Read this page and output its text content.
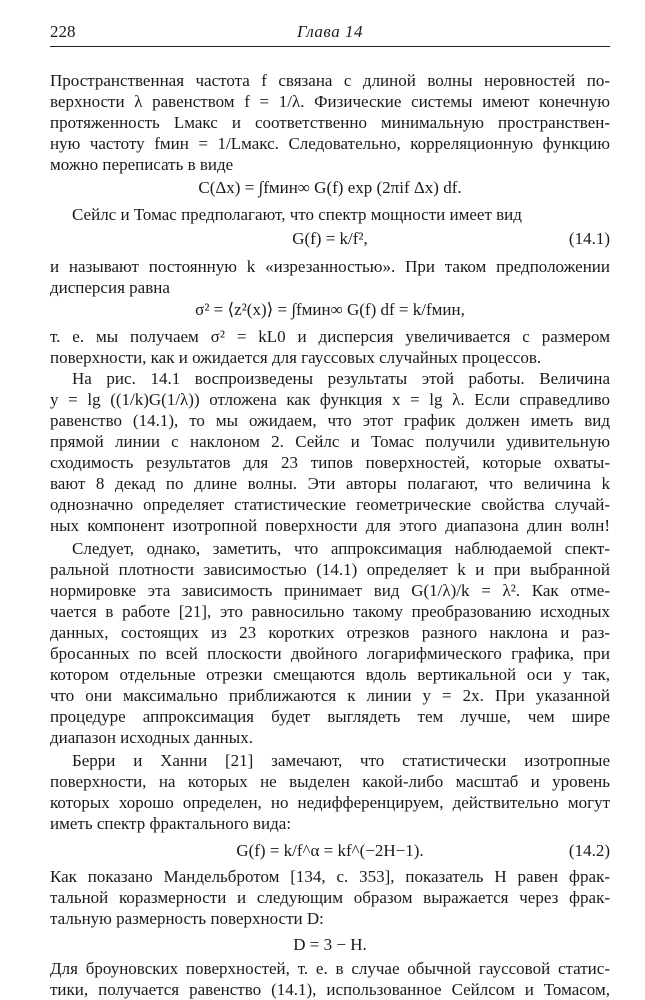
228	Глава 14
Пространственная частота f связана с длиной волны неровностей по-
верхности λ равенством f = 1/λ. Физические системы имеют конечную
протяженность Lмакс и соответственно минимальную пространствен-
ную частоту fмин = 1/Lмакс. Следовательно, корреляционную функцию
можно переписать в виде
C(Δx) = ∫fмин∞ G(f) exp (2πif Δx) df.
Сейлс и Томас предполагают, что спектр мощности имеет вид
G(f) = k/f²,	(14.1)
и называют постоянную k «изрезанностью». При таком предположении
дисперсия равна
σ² = ⟨z²(x)⟩ = ∫fмин∞ G(f) df = k/fмин,
т. е. мы получаем σ² = kL0 и дисперсия увеличивается с размером
поверхности, как и ожидается для гауссовых случайных процессов.
На рис. 14.1 воспроизведены результаты этой работы. Величина
y = lg ((1/k)G(1/λ)) отложена как функция x = lg λ. Если справедливо
равенство (14.1), то мы ожидаем, что этот график должен иметь вид
прямой линии с наклоном 2. Сейлс и Томас получили удивительную
сходимость результатов для 23 типов поверхностей, которые охваты-
вают 8 декад по длине волны. Эти авторы полагают, что величина k
однозначно определяет статистические геометрические свойства случай-
ных компонент изотропной поверхности для этого диапазона длин волн!
Следует, однако, заметить, что аппроксимация наблюдаемой спект-
ральной плотности зависимостью (14.1) определяет k и при выбранной
нормировке эта зависимость принимает вид G(1/λ)/k = λ². Как отме-
чается в работе [21], это равносильно такому преобразованию исходных
данных, состоящих из 23 коротких отрезков разного наклона и раз-
бросанных по всей плоскости двойного логарифмического графика, при
котором отдельные отрезки смещаются вдоль вертикальной оси y так,
что они максимально приближаются к линии y = 2x. При указанной
процедуре аппроксимация будет выглядеть тем лучше, чем шире
диапазон исходных данных.
Берри и Ханни [21] замечают, что статистически изотропные
поверхности, на которых не выделен какой-либо масштаб и уровень
которых хорошо определен, но недифференцируем, действительно могут
иметь спектр фрактального вида:
G(f) = k/f^α = kf^(−2H−1).	(14.2)
Как показано Мандельбротом [134, с. 353], показатель H равен фрак-
тальной коразмерности и следующим образом выражается через фрак-
тальную размерность поверхности D:
D = 3 − H.
Для броуновских поверхностей, т. е. в случае обычной гауссовой статис-
тики, получается равенство (14.1), использованное Сейлсом и Томасом,
